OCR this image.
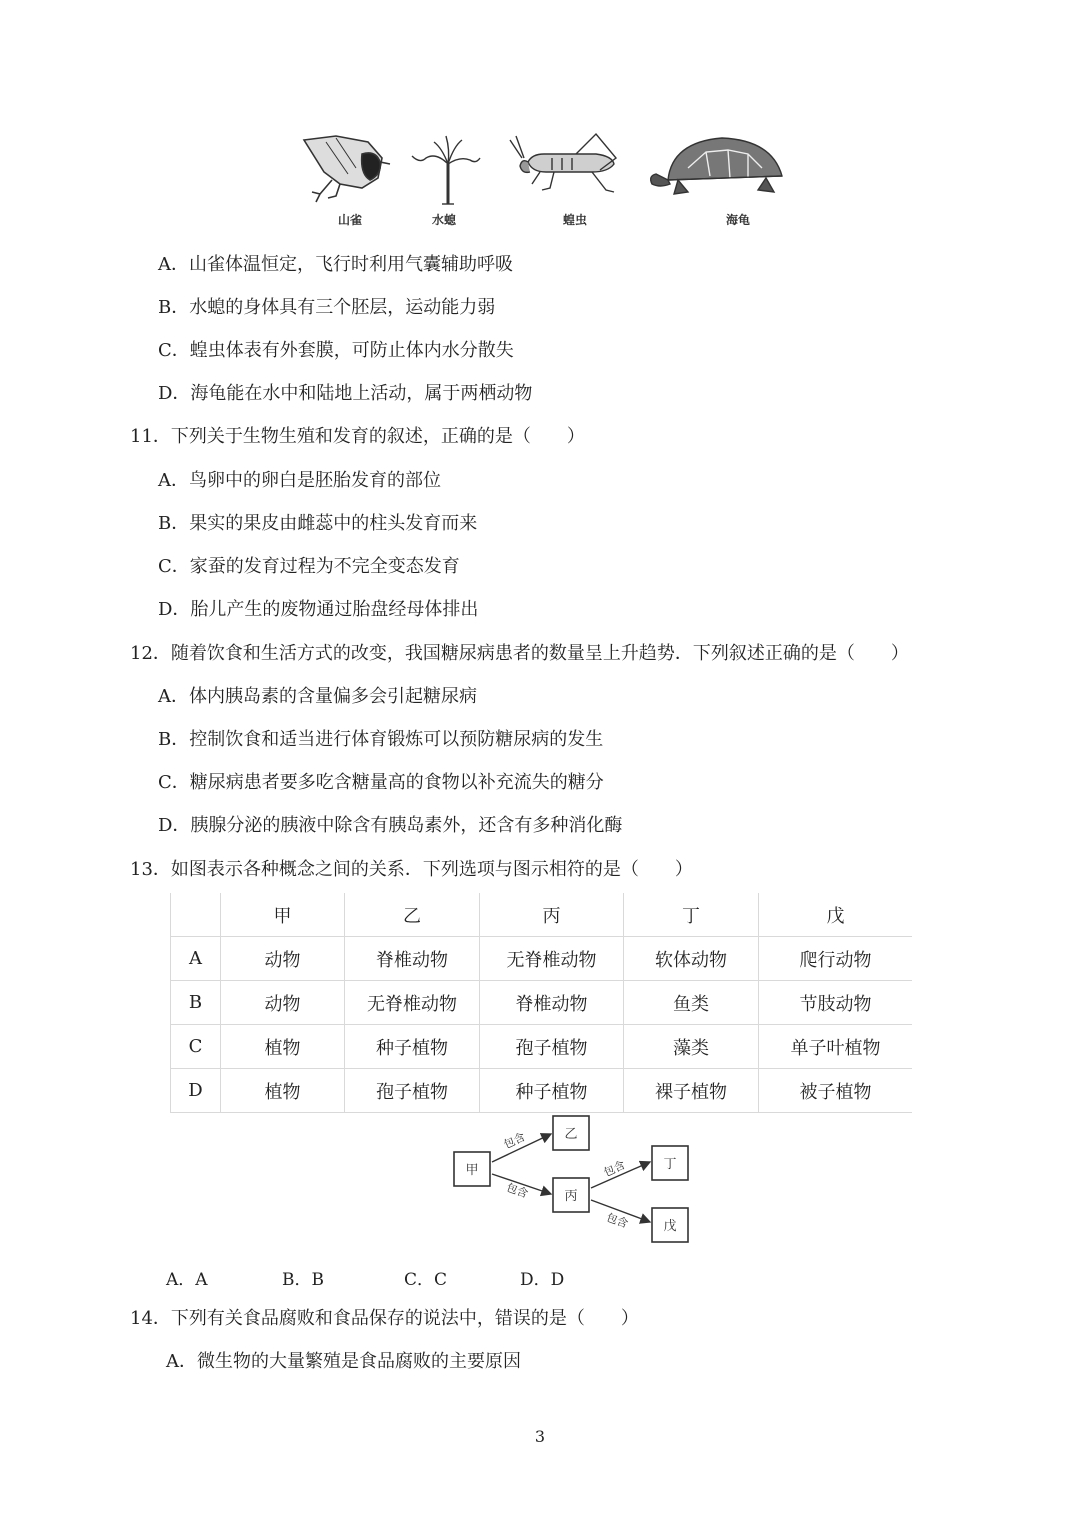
山雀	水螅	蝗虫	海龟
A．山雀体温恒定，飞行时利用气囊辅助呼吸
B．水螅的身体具有三个胚层，运动能力弱
C．蝗虫体表有外套膜，可防止体内水分散失
D．海龟能在水中和陆地上活动，属于两栖动物
11．下列关于生物生殖和发育的叙述，正确的是（　　）
A．鸟卵中的卵白是胚胎发育的部位
B．果实的果皮由雌蕊中的柱头发育而来
C．家蚕的发育过程为不完全变态发育
D．胎儿产生的废物通过胎盘经母体排出
12．随着饮食和生活方式的改变，我国糖尿病患者的数量呈上升趋势．下列叙述正确的是（　　）
A．体内胰岛素的含量偏多会引起糖尿病
B．控制饮食和适当进行体育锻炼可以预防糖尿病的发生
C．糖尿病患者要多吃含糖量高的食物以补充流失的糖分
D．胰腺分泌的胰液中除含有胰岛素外，还含有多种消化酶
13．如图表示各种概念之间的关系．下列选项与图示相符的是（　　）
	甲	乙	丙	丁	戊
A	动物	脊椎动物	无脊椎动物	软体动物	爬行动物
B	动物	无脊椎动物	脊椎动物	鱼类	节肢动物
C	植物	种子植物	孢子植物	藻类	单子叶植物
D	植物	孢子植物	种子植物	裸子植物	被子植物
甲
乙
丙
丁
戊
包含
包含
包含
包含
A．A	B．B	C．C	D．D
14．下列有关食品腐败和食品保存的说法中，错误的是（　　）
A．微生物的大量繁殖是食品腐败的主要原因
3
